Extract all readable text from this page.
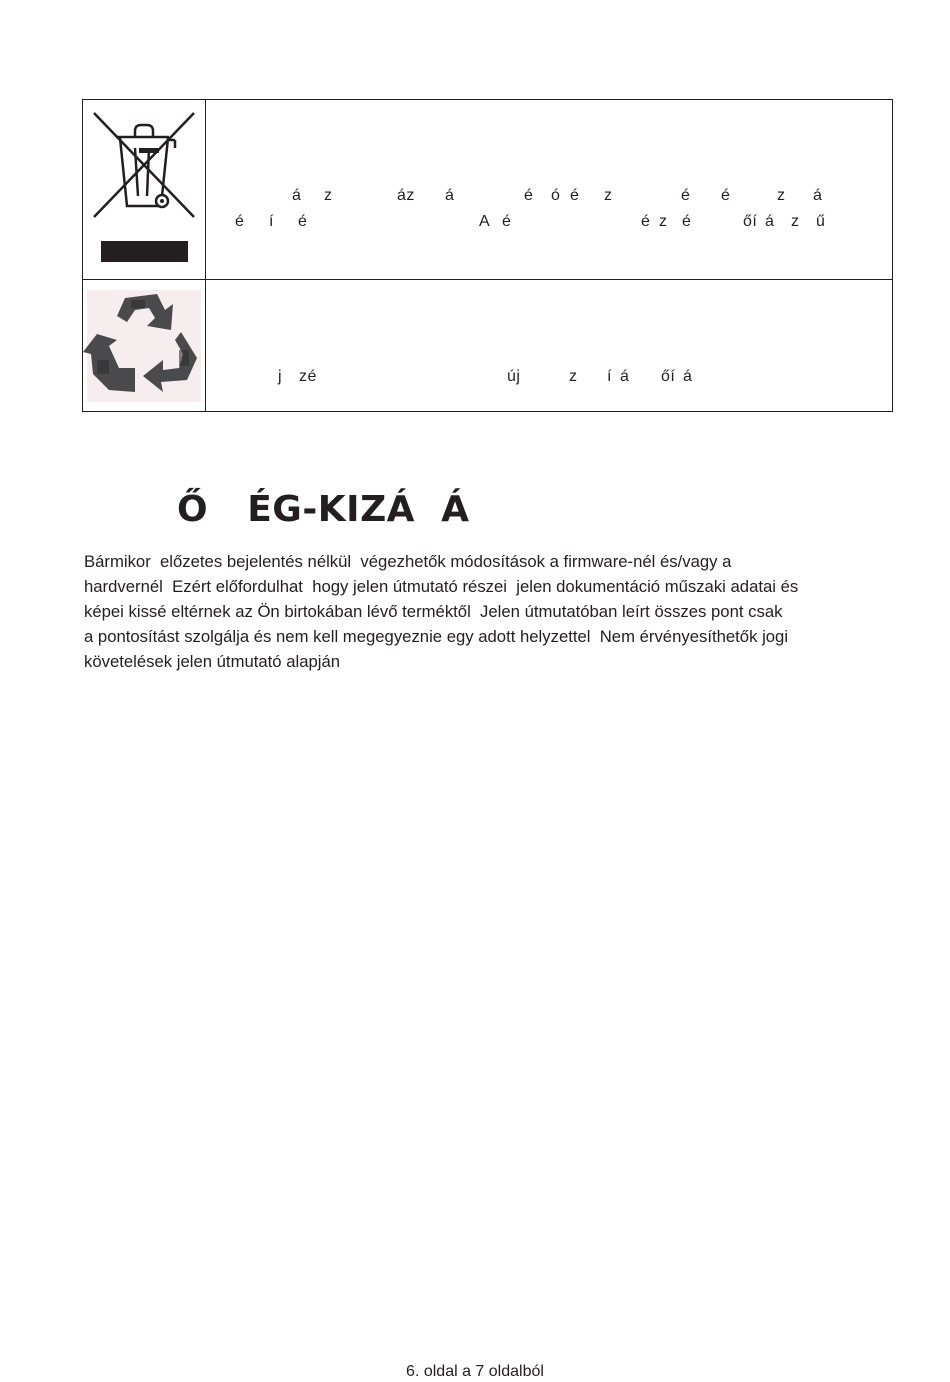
á z	áz á	é ó é z	é é	z á
é í é	A é	é z é	őí á z ű
j zé	új	z í á őí á
Ő   ÉG-KIZÁ  Á
Bármikor  előzetes bejelentés nélkül  végezhetők módosítások a firmware-nél és/vagy a
hardvernél  Ezért előfordulhat  hogy jelen útmutató részei  jelen dokumentáció műszaki adatai és
képei kissé eltérnek az Ön birtokában lévő terméktől  Jelen útmutatóban leírt összes pont csak
a pontosítást szolgálja és nem kell megegyeznie egy adott helyzettel  Nem érvényesíthetők jogi
követelések jelen útmutató alapján
6. oldal a 7 oldalból
